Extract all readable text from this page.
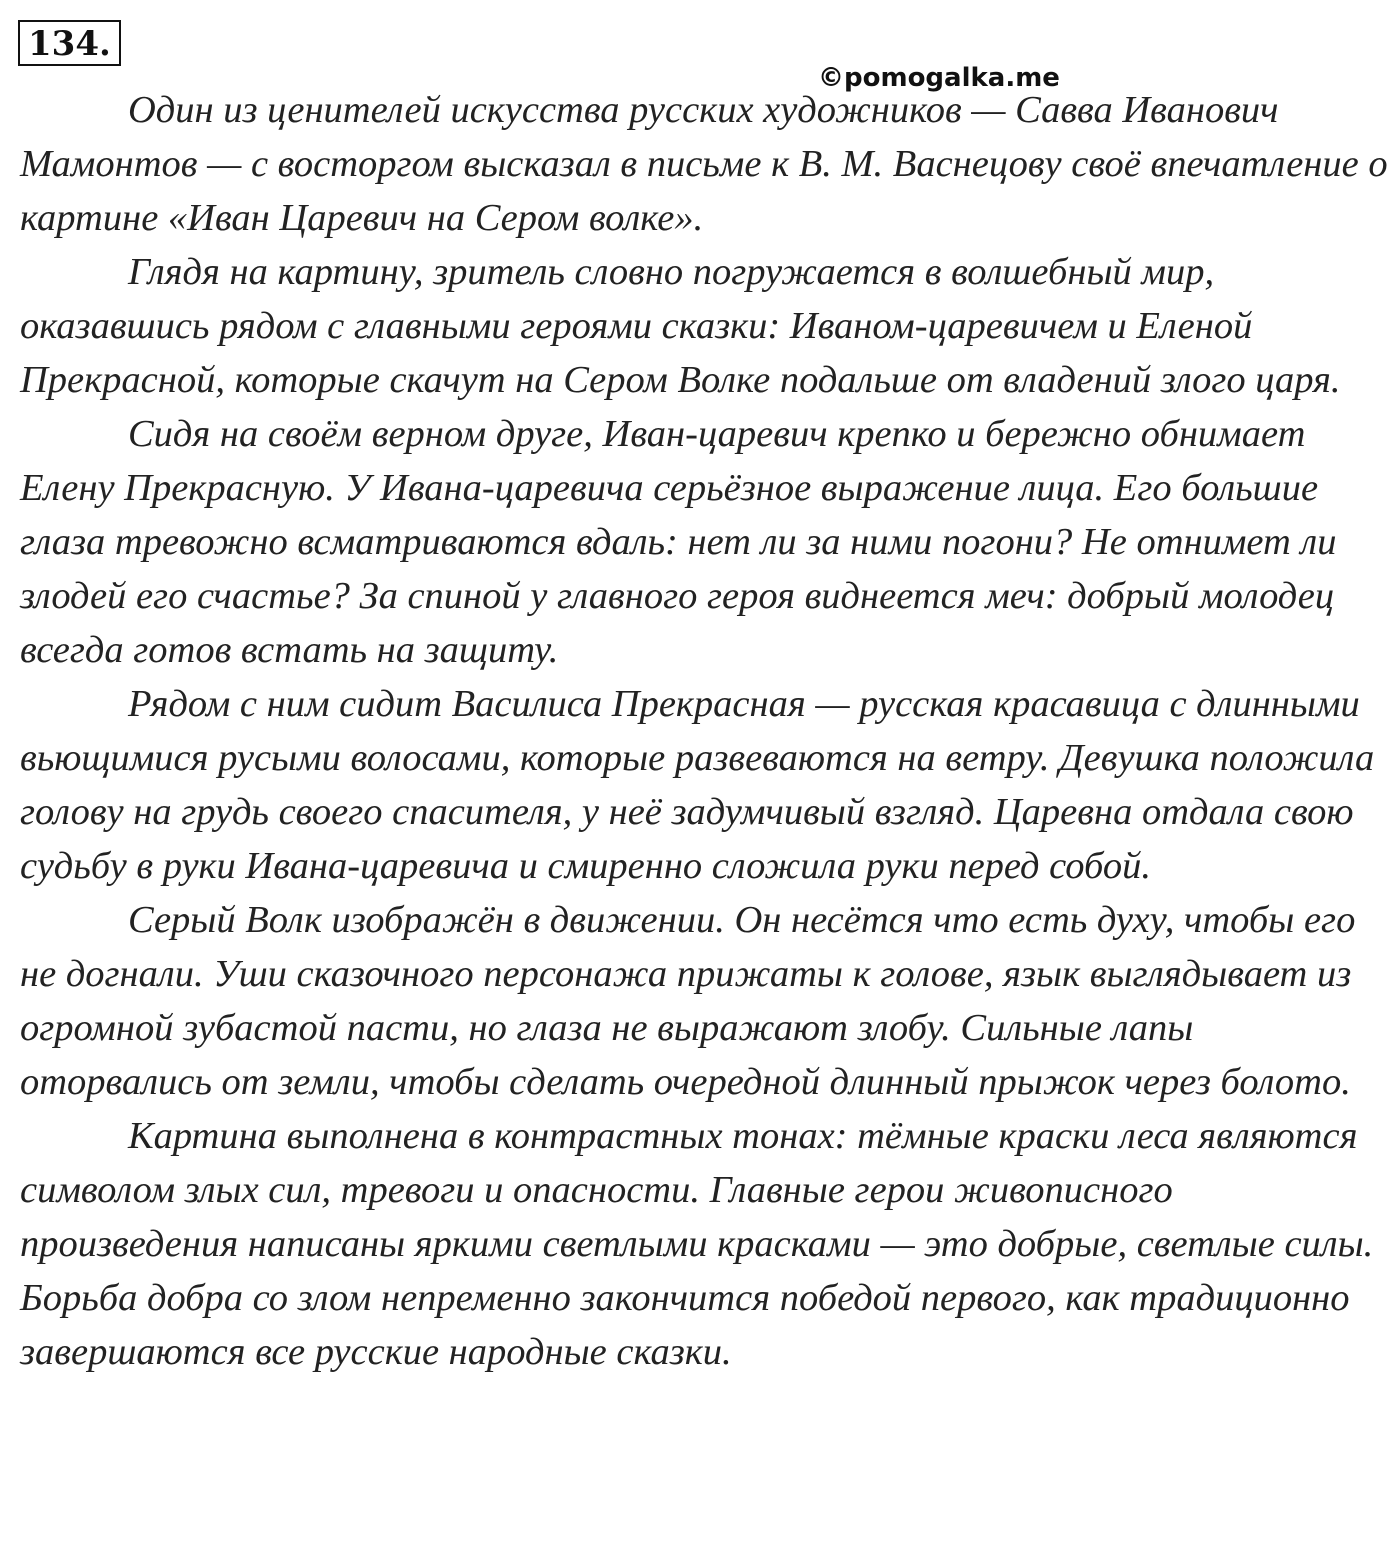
134.
©pomogalka.me

Один из ценителей искусства русских художников — Савва Иванович Мамонтов — с восторгом высказал в письме к В. М. Васнецову своё впечатление о картине «Иван Царевич на Сером волке».

Глядя на картину, зритель словно погружается в волшебный мир, оказавшись рядом с главными героями сказки: Иваном-царевичем и Еленой Прекрасной, которые скачут на Сером Волке подальше от владений злого царя.

Сидя на своём верном друге, Иван-царевич крепко и бережно обнимает Елену Прекрасную. У Ивана-царевича серьёзное выражение лица. Его большие глаза тревожно всматриваются вдаль: нет ли за ними погони? Не отнимет ли злодей его счастье? За спиной у главного героя виднеется меч: добрый молодец всегда готов встать на защиту.

Рядом с ним сидит Василиса Прекрасная — русская красавица с длинными вьющимися русыми волосами, которые развеваются на ветру. Девушка положила голову на грудь своего спасителя, у неё задумчивый взгляд. Царевна отдала свою судьбу в руки Ивана-царевича и смиренно сложила руки перед собой.

Серый Волк изображён в движении. Он несётся что есть духу, чтобы его не догнали. Уши сказочного персонажа прижаты к голове, язык выглядывает из огромной зубастой пасти, но глаза не выражают злобу. Сильные лапы оторвались от земли, чтобы сделать очередной длинный прыжок через болото.

Картина выполнена в контрастных тонах: тёмные краски леса являются символом злых сил, тревоги и опасности. Главные герои живописного произведения написаны яркими светлыми красками — это добрые, светлые силы. Борьба добра со злом непременно закончится победой первого, как традиционно завершаются все русские народные сказки.
